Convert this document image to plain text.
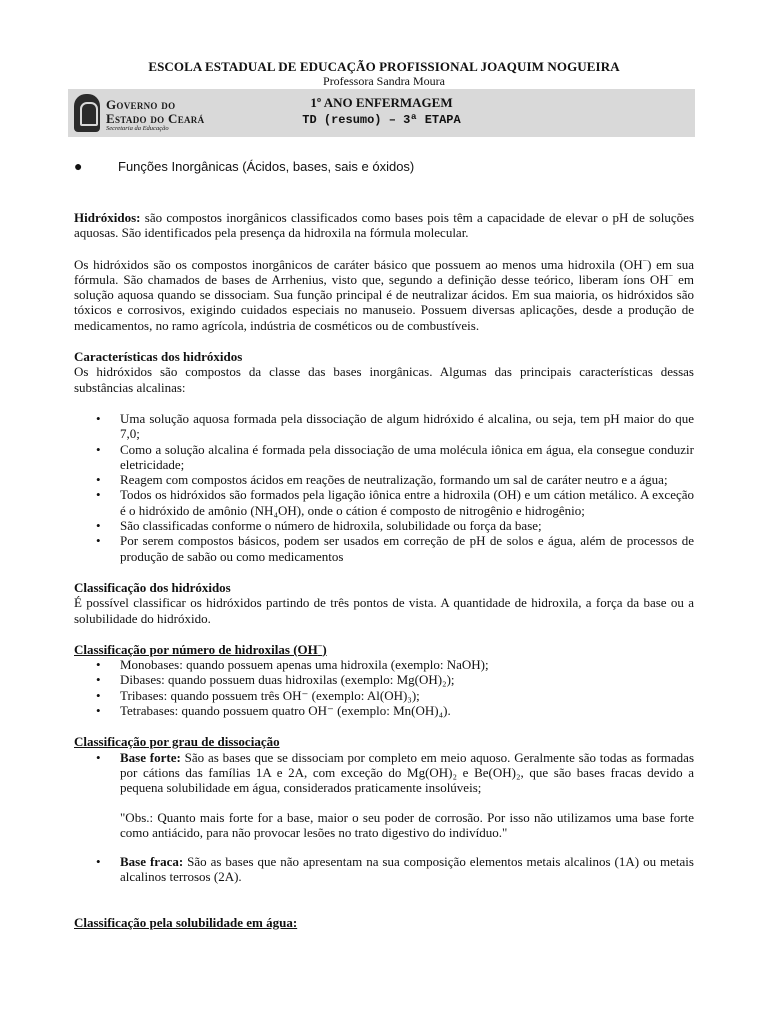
ESCOLA ESTADUAL DE EDUCAÇÃO PROFISSIONAL JOAQUIM NOGUEIRA
Professora Sandra Moura
Governo do
Estado do Ceará
Secretaria da Educação
1º ANO ENFERMAGEM
TD (resumo) – 3ª ETAPA
●	Funções Inorgânicas (Ácidos, bases, sais e óxidos)

Hidróxidos: são compostos inorgânicos classificados como bases pois têm a capacidade de elevar o pH de soluções aquosas. São identificados pela presença da hidroxila na fórmula molecular.

Os hidróxidos são os compostos inorgânicos de caráter básico que possuem ao menos uma hidroxila (OH−) em sua fórmula. São chamados de bases de Arrhenius, visto que, segundo a definição desse teórico, liberam íons OH− em solução aquosa quando se dissociam. Sua função principal é de neutralizar ácidos. Em sua maioria, os hidróxidos são tóxicos e corrosivos, exigindo cuidados especiais no manuseio. Possuem diversas aplicações, desde a produção de medicamentos, no ramo agrícola, indústria de cosméticos ou de combustíveis.

Características dos hidróxidos

Os hidróxidos são compostos da classe das bases inorgânicas. Algumas das principais características dessas substâncias alcalinas:

• Uma solução aquosa formada pela dissociação de algum hidróxido é alcalina, ou seja, tem pH maior do que 7,0;
• Como a solução alcalina é formada pela dissociação de uma molécula iônica em água, ela consegue conduzir eletricidade;
• Reagem com compostos ácidos em reações de neutralização, formando um sal de caráter neutro e a água;
• Todos os hidróxidos são formados pela ligação iônica entre a hidroxila (OH) e um cátion metálico. A exceção é o hidróxido de amônio (NH₄OH), onde o cátion é composto de nitrogênio e hidrogênio;
• São classificadas conforme o número de hidroxila, solubilidade ou força da base;
• Por serem compostos básicos, podem ser usados em correção de pH de solos e água, além de processos de produção de sabão ou como medicamentos

Classificação dos hidróxidos

É possível classificar os hidróxidos partindo de três pontos de vista. A quantidade de hidroxila, a força da base ou a solubilidade do hidróxido.

Classificação por número de hidroxilas (OH−)

• Monobases: quando possuem apenas uma hidroxila (exemplo: NaOH);
• Dibases: quando possuem duas hidroxilas (exemplo: Mg(OH)₂);
• Tribases: quando possuem três OH⁻ (exemplo: Al(OH)₃);
• Tetrabases: quando possuem quatro OH⁻ (exemplo: Mn(OH)₄).

Classificação por grau de dissociação

• Base forte: São as bases que se dissociam por completo em meio aquoso. Geralmente são todas as formadas por cátions das famílias 1A e 2A, com exceção do Mg(OH)₂ e Be(OH)₂, que são bases fracas devido a pequena solubilidade em água, considerados praticamente insolúveis;

"Obs.: Quanto mais forte for a base, maior o seu poder de corrosão. Por isso não utilizamos uma base forte como antiácido, para não provocar lesões no trato digestivo do indivíduo."

• Base fraca: São as bases que não apresentam na sua composição elementos metais alcalinos (1A) ou metais alcalinos terrosos (2A).

Classificação pela solubilidade em água:
